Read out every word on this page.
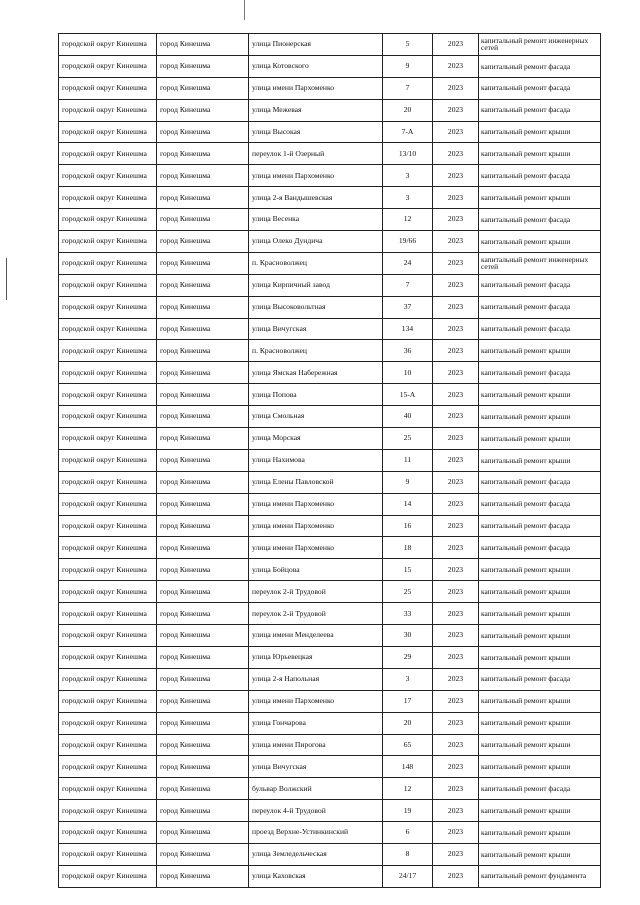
городской округ Кинешма	город Кинешма	улица Пионерская	5	2023	капитальный ремонт инженерных сетей
городской округ Кинешма	город Кинешма	улица Котовского	9	2023	капитальный ремонт фасада
городской округ Кинешма	город Кинешма	улица имени Пархоменко	7	2023	капитальный ремонт фасада
городской округ Кинешма	город Кинешма	улица Межевая	20	2023	капитальный ремонт фасада
городской округ Кинешма	город Кинешма	улица Высокая	7-А	2023	капитальный ремонт крыши
городской округ Кинешма	город Кинешма	переулок 1-й Озерный	13/10	2023	капитальный ремонт крыши
городской округ Кинешма	город Кинешма	улица имени Пархоменко	3	2023	капитальный ремонт фасада
городской округ Кинешма	город Кинешма	улица 2-я Вандышевская	3	2023	капитальный ремонт крыши
городской округ Кинешма	город Кинешма	улица Весенка	12	2023	капитальный ремонт фасада
городской округ Кинешма	город Кинешма	улица Олеко Дундича	19/66	2023	капитальный ремонт крыши
городской округ Кинешма	город Кинешма	п. Красноволжец	24	2023	капитальный ремонт инженерных сетей
городской округ Кинешма	город Кинешма	улица Кирпичный завод	7	2023	капитальный ремонт фасада
городской округ Кинешма	город Кинешма	улица Высоковольтная	37	2023	капитальный ремонт фасада
городской округ Кинешма	город Кинешма	улица Вичугская	134	2023	капитальный ремонт фасада
городской округ Кинешма	город Кинешма	п. Красноволжец	36	2023	капитальный ремонт крыши
городской округ Кинешма	город Кинешма	улица Ямская Набережная	10	2023	капитальный ремонт фасада
городской округ Кинешма	город Кинешма	улица Попова	15-А	2023	капитальный ремонт крыши
городской округ Кинешма	город Кинешма	улица Смольная	40	2023	капитальный ремонт крыши
городской округ Кинешма	город Кинешма	улица Морская	25	2023	капитальный ремонт крыши
городской округ Кинешма	город Кинешма	улица Нахимова	11	2023	капитальный ремонт крыши
городской округ Кинешма	город Кинешма	улица Елены Павловской	9	2023	капитальный ремонт фасада
городской округ Кинешма	город Кинешма	улица имени Пархоменко	14	2023	капитальный ремонт фасада
городской округ Кинешма	город Кинешма	улица имени Пархоменко	16	2023	капитальный ремонт фасада
городской округ Кинешма	город Кинешма	улица имени Пархоменко	18	2023	капитальный ремонт фасада
городской округ Кинешма	город Кинешма	улица Бойцова	15	2023	капитальный ремонт крыши
городской округ Кинешма	город Кинешма	переулок 2-й Трудовой	25	2023	капитальный ремонт крыши
городской округ Кинешма	город Кинешма	переулок 2-й Трудовой	33	2023	капитальный ремонт крыши
городской округ Кинешма	город Кинешма	улица имени Менделеева	30	2023	капитальный ремонт крыши
городской округ Кинешма	город Кинешма	улица Юрьевецкая	29	2023	капитальный ремонт крыши
городской округ Кинешма	город Кинешма	улица 2-я Напольная	3	2023	капитальный ремонт фасада
городской округ Кинешма	город Кинешма	улица имени Пархоменко	17	2023	капитальный ремонт крыши
городской округ Кинешма	город Кинешма	улица Гончарова	20	2023	капитальный ремонт крыши
городской округ Кинешма	город Кинешма	улица имени Пирогова	65	2023	капитальный ремонт крыши
городской округ Кинешма	город Кинешма	улица Вичугская	148	2023	капитальный ремонт крыши
городской округ Кинешма	город Кинешма	бульвар Волжский	12	2023	капитальный ремонт фасада
городской округ Кинешма	город Кинешма	переулок 4-й Трудовой	19	2023	капитальный ремонт крыши
городской округ Кинешма	город Кинешма	проезд Верхне-Устинкинский	6	2023	капитальный ремонт крыши
городской округ Кинешма	город Кинешма	улица Земледельческая	8	2023	капитальный ремонт крыши
городской округ Кинешма	город Кинешма	улица Каховская	24/17	2023	капитальный ремонт фундамента
